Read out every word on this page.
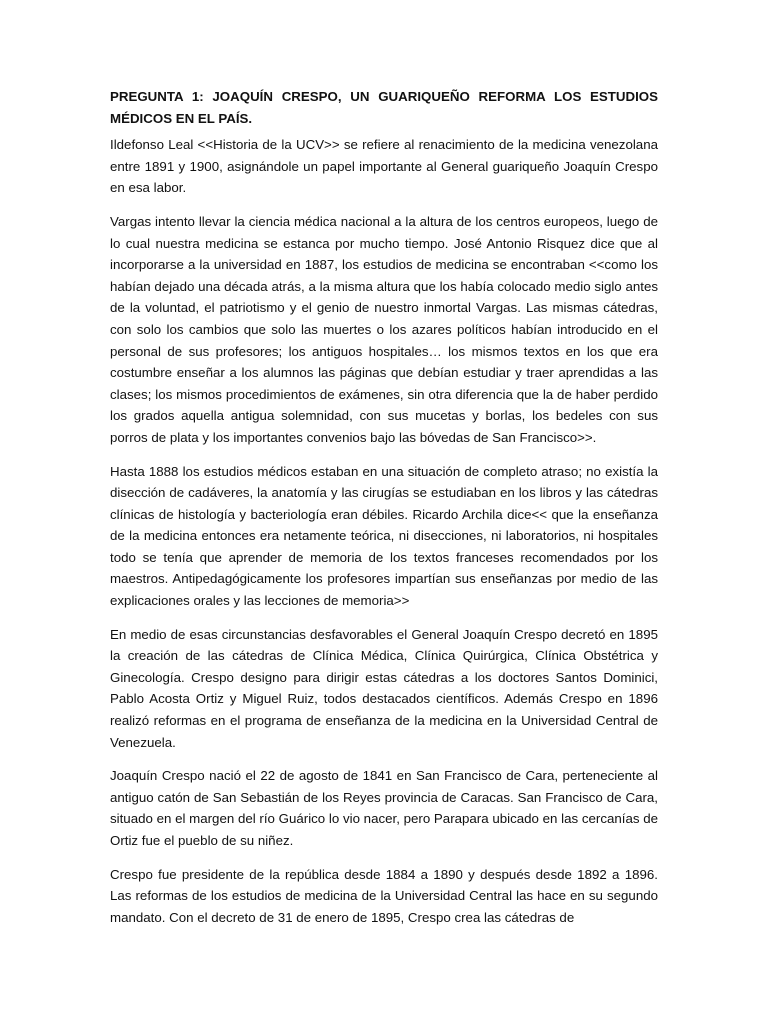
PREGUNTA 1: JOAQUÍN CRESPO, UN GUARIQUEÑO REFORMA LOS ESTUDIOS MÉDICOS EN EL PAÍS.

Ildefonso Leal <<Historia de la UCV>> se refiere al renacimiento de la medicina venezolana entre 1891 y 1900, asignándole un papel importante al General guariqueño Joaquín Crespo en esa labor.

Vargas intento llevar la ciencia médica nacional a la altura de los centros europeos, luego de lo cual nuestra medicina se estanca por mucho tiempo. José Antonio Risquez dice que al incorporarse a la universidad en 1887, los estudios de medicina se encontraban <<como los habían dejado una década atrás, a la misma altura que los había colocado medio siglo antes de la voluntad, el patriotismo y el genio de nuestro inmortal Vargas. Las mismas cátedras, con solo los cambios que solo las muertes o los azares políticos habían introducido en el personal de sus profesores; los antiguos hospitales… los mismos textos en los que era costumbre enseñar a los alumnos las páginas que debían estudiar y traer aprendidas a las clases; los mismos procedimientos de exámenes, sin otra diferencia que la de haber perdido los grados aquella antigua solemnidad, con sus mucetas y borlas, los bedeles con sus porros de plata y los importantes convenios bajo las bóvedas de San Francisco>>.

Hasta 1888 los estudios médicos estaban en una situación de completo atraso; no existía la disección de cadáveres, la anatomía y las cirugías se estudiaban en los libros y las cátedras clínicas de histología y bacteriología eran débiles. Ricardo Archila dice<< que la enseñanza de la medicina entonces era netamente teórica, ni disecciones, ni laboratorios, ni hospitales todo se tenía que aprender de memoria de los textos franceses recomendados por los maestros. Antipedagógicamente los profesores impartían sus enseñanzas por medio de las explicaciones orales y las lecciones de memoria>>

En medio de esas circunstancias desfavorables el General Joaquín Crespo decretó en 1895 la creación de las cátedras de Clínica Médica, Clínica Quirúrgica, Clínica Obstétrica y Ginecología. Crespo designo para dirigir estas cátedras a los doctores Santos Dominici, Pablo Acosta Ortiz y Miguel Ruiz, todos destacados científicos. Además Crespo en 1896 realizó reformas en el programa de enseñanza de la medicina en la Universidad Central de Venezuela.

Joaquín Crespo nació el 22 de agosto de 1841 en San Francisco de Cara, perteneciente al antiguo catón de San Sebastián de los Reyes provincia de Caracas. San Francisco de Cara, situado en el margen del río Guárico lo vio nacer, pero Parapara ubicado en las cercanías de Ortiz fue el pueblo de su niñez.

Crespo fue presidente de la república desde 1884 a 1890 y después desde 1892 a 1896. Las reformas de los estudios de medicina de la Universidad Central las hace en su segundo mandato. Con el decreto de 31 de enero de 1895, Crespo crea las cátedras de
